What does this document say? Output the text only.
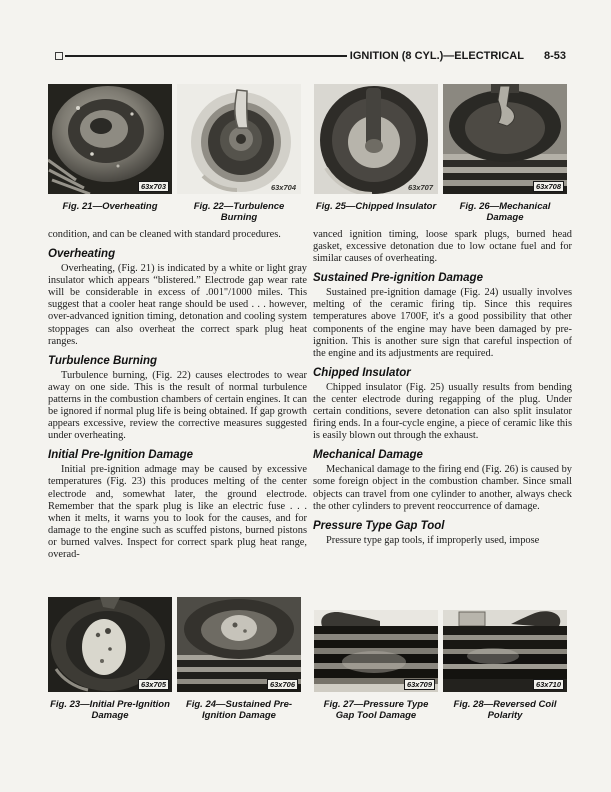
IGNITION (8 CYL.)—ELECTRICAL 8-53
63x703
Fig. 21—Overheating
63x704
Fig. 22—Turbulence Burning
63x707
Fig. 25—Chipped Insulator
63x708
Fig. 26—Mechanical Damage

condition, and can be cleaned with standard procedures.

Overheating

Overheating, (Fig. 21) is indicated by a white or light gray insulator which appears “blistered.” Electrode gap wear rate will be considerable in excess of .001"/1000 miles. This suggest that a cooler heat range should be used . . . however, over-advanced ignition timing, detonation and cooling system stoppages can also overheat the correct spark plug heat ranges.

Turbulence Burning

Turbulence burning, (Fig. 22) causes electrodes to wear away on one side. This is the result of normal turbulence patterns in the combustion chambers of certain engines. It can be ignored if normal plug life is being obtained. If gap growth appears excessive, review the corrective measures suggested under overheating.

Initial Pre-Ignition Damage

Initial pre-ignition admage may be caused by excessive temperatures (Fig. 23) this produces melting of the center electrode and, somewhat later, the ground electrode. Remember that the spark plug is like an electric fuse . . . when it melts, it warns you to look for the causes, and for damage to the engine such as scuffed pistons, burned pistons or burned valves. Inspect for correct spark plug heat range, overad-

vanced ignition timing, loose spark plugs, burned head gasket, excessive detonation due to low octane fuel and for similar causes of overheating.

Sustained Pre-ignition Damage

Sustained pre-ignition damage (Fig. 24) usually involves melting of the ceramic firing tip. Since this requires temperatures above 1700F, it's a good possibility that other components of the engine may have been damaged by pre-ignition. This is another sure sign that careful inspection of the engine and its adjustments are required.

Chipped Insulator

Chipped insulator (Fig. 25) usually results from bending the center electrode during regapping of the plug. Under certain conditions, severe detonation can also split insulator firing ends. In a four-cycle engine, a piece of ceramic like this is easily blown out through the exhaust.

Mechanical Damage

Mechanical damage to the firing end (Fig. 26) is caused by some foreign object in the combustion chamber. Since small objects can travel from one cylinder to another, always check the other cylinders to prevent reoccurrence of damage.

Pressure Type Gap Tool

Pressure type gap tools, if improperly used, impose

63x705
Fig. 23—Initial Pre-Ignition Damage
63x706
Fig. 24—Sustained Pre-Ignition Damage
63x709
Fig. 27—Pressure Type Gap Tool Damage
63x710
Fig. 28—Reversed Coil Polarity
